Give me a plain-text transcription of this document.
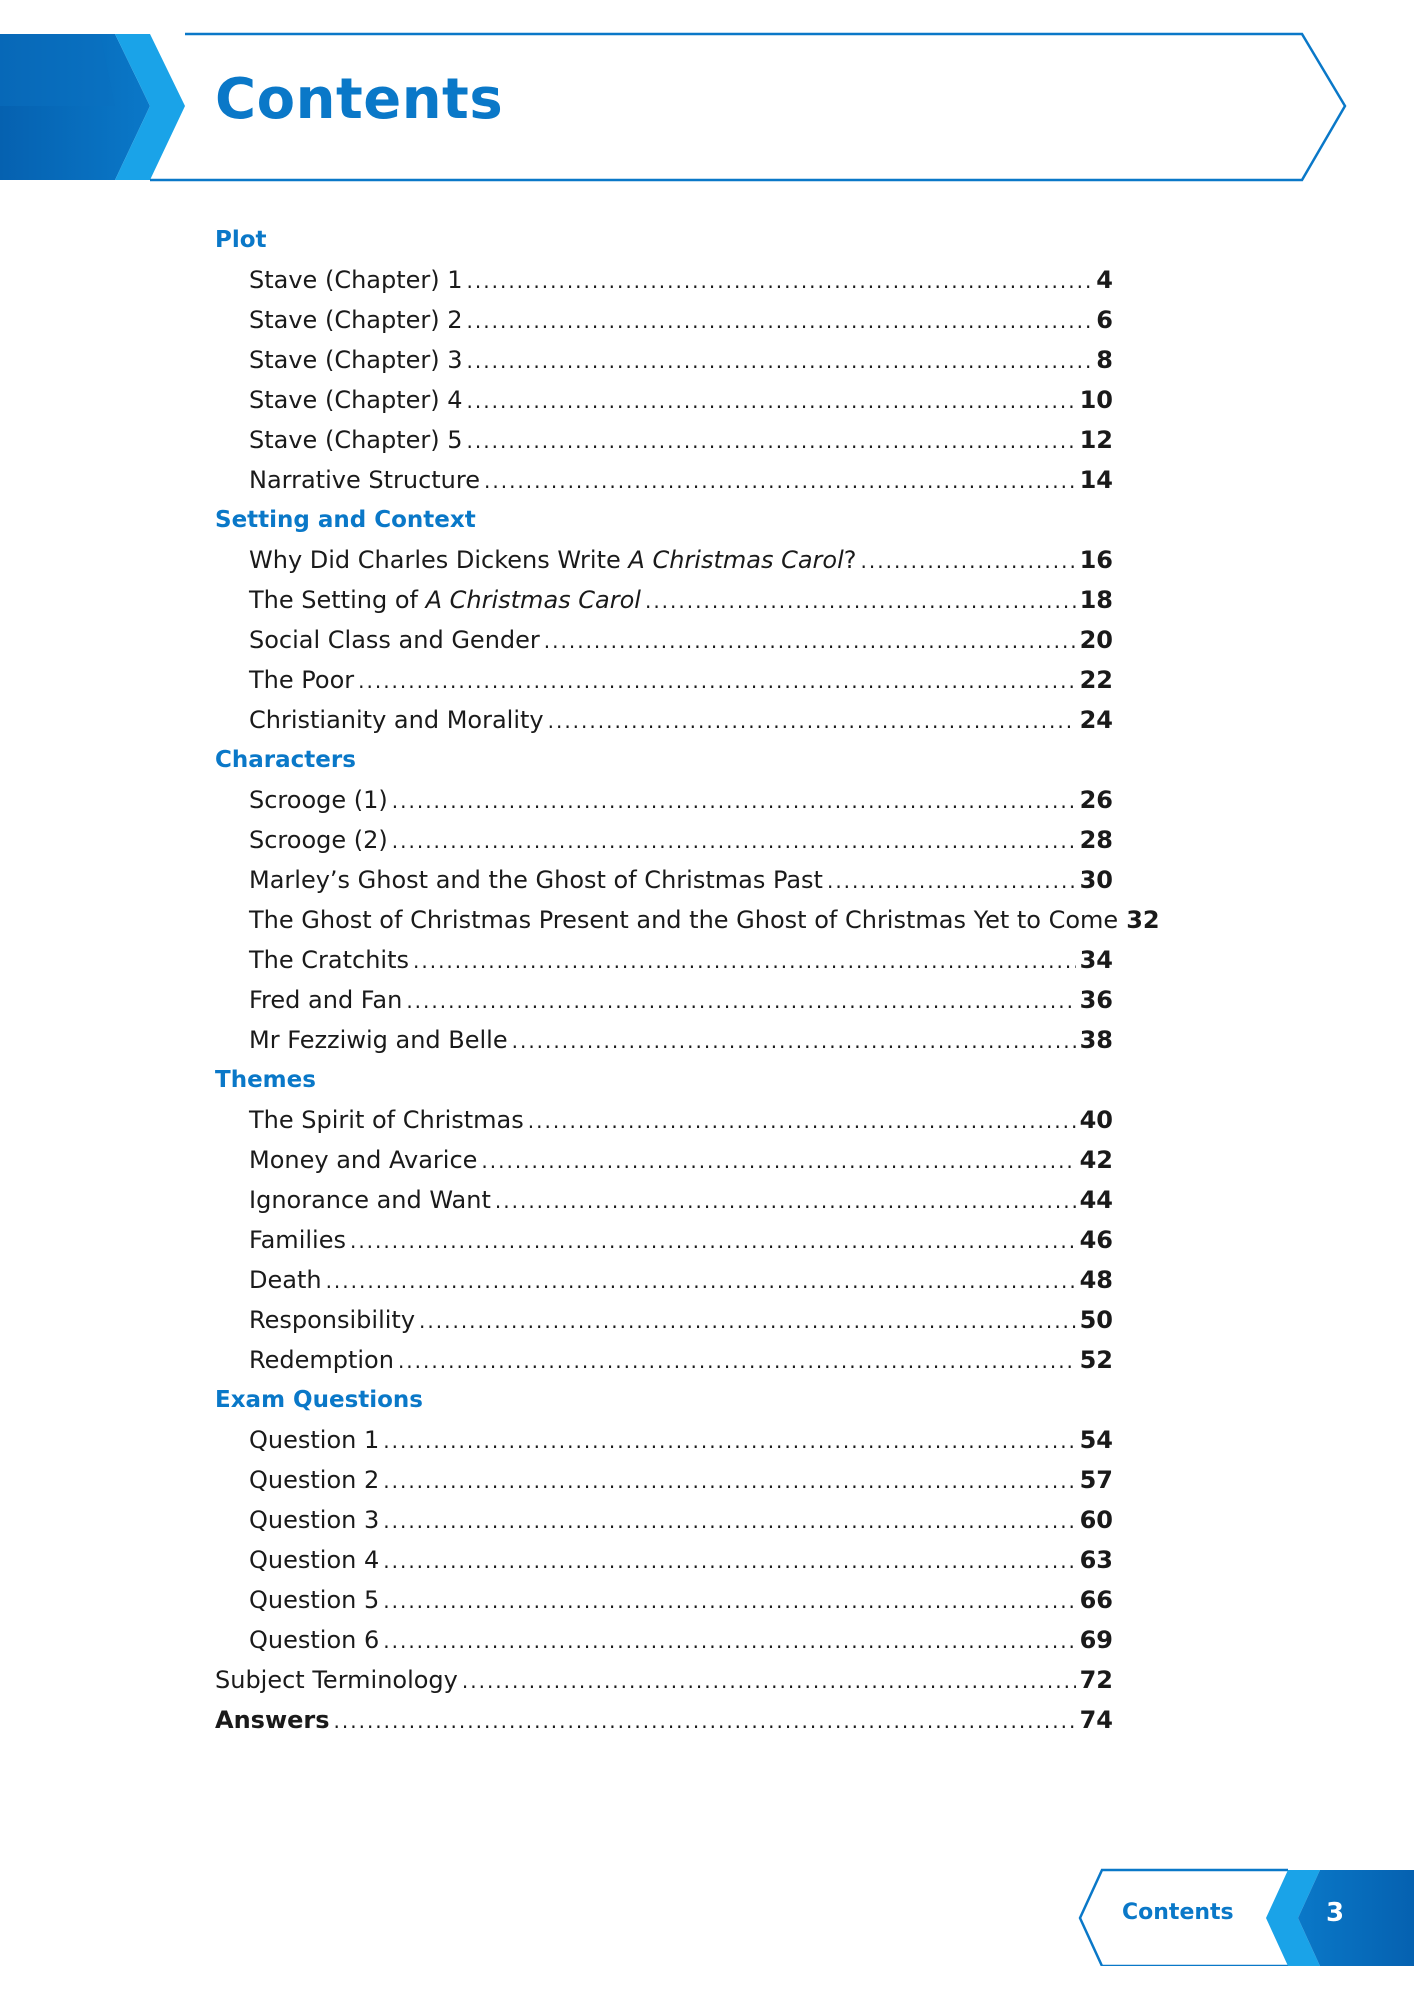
Contents
Plot
Stave (Chapter) 1 .....	4
Stave (Chapter) 2 .....	6
Stave (Chapter) 3 .....	8
Stave (Chapter) 4 .....	10
Stave (Chapter) 5 .....	12
Narrative Structure .....	14
Setting and Context
Why Did Charles Dickens Write A Christmas Carol? .....	16
The Setting of A Christmas Carol .....	18
Social Class and Gender .....	20
The Poor .....	22
Christianity and Morality .....	24
Characters
Scrooge (1) .....	26
Scrooge (2) .....	28
Marley’s Ghost and the Ghost of Christmas Past .....	30
The Ghost of Christmas Present and the Ghost of Christmas Yet to Come 32
The Cratchits .....	34
Fred and Fan .....	36
Mr Fezziwig and Belle .....	38
Themes
The Spirit of Christmas .....	40
Money and Avarice .....	42
Ignorance and Want .....	44
Families .....	46
Death .....	48
Responsibility .....	50
Redemption .....	52
Exam Questions
Question 1 .....	54
Question 2 .....	57
Question 3 .....	60
Question 4 .....	63
Question 5 .....	66
Question 6 .....	69
Subject Terminology .....	72
Answers .....	74

Contents	3
